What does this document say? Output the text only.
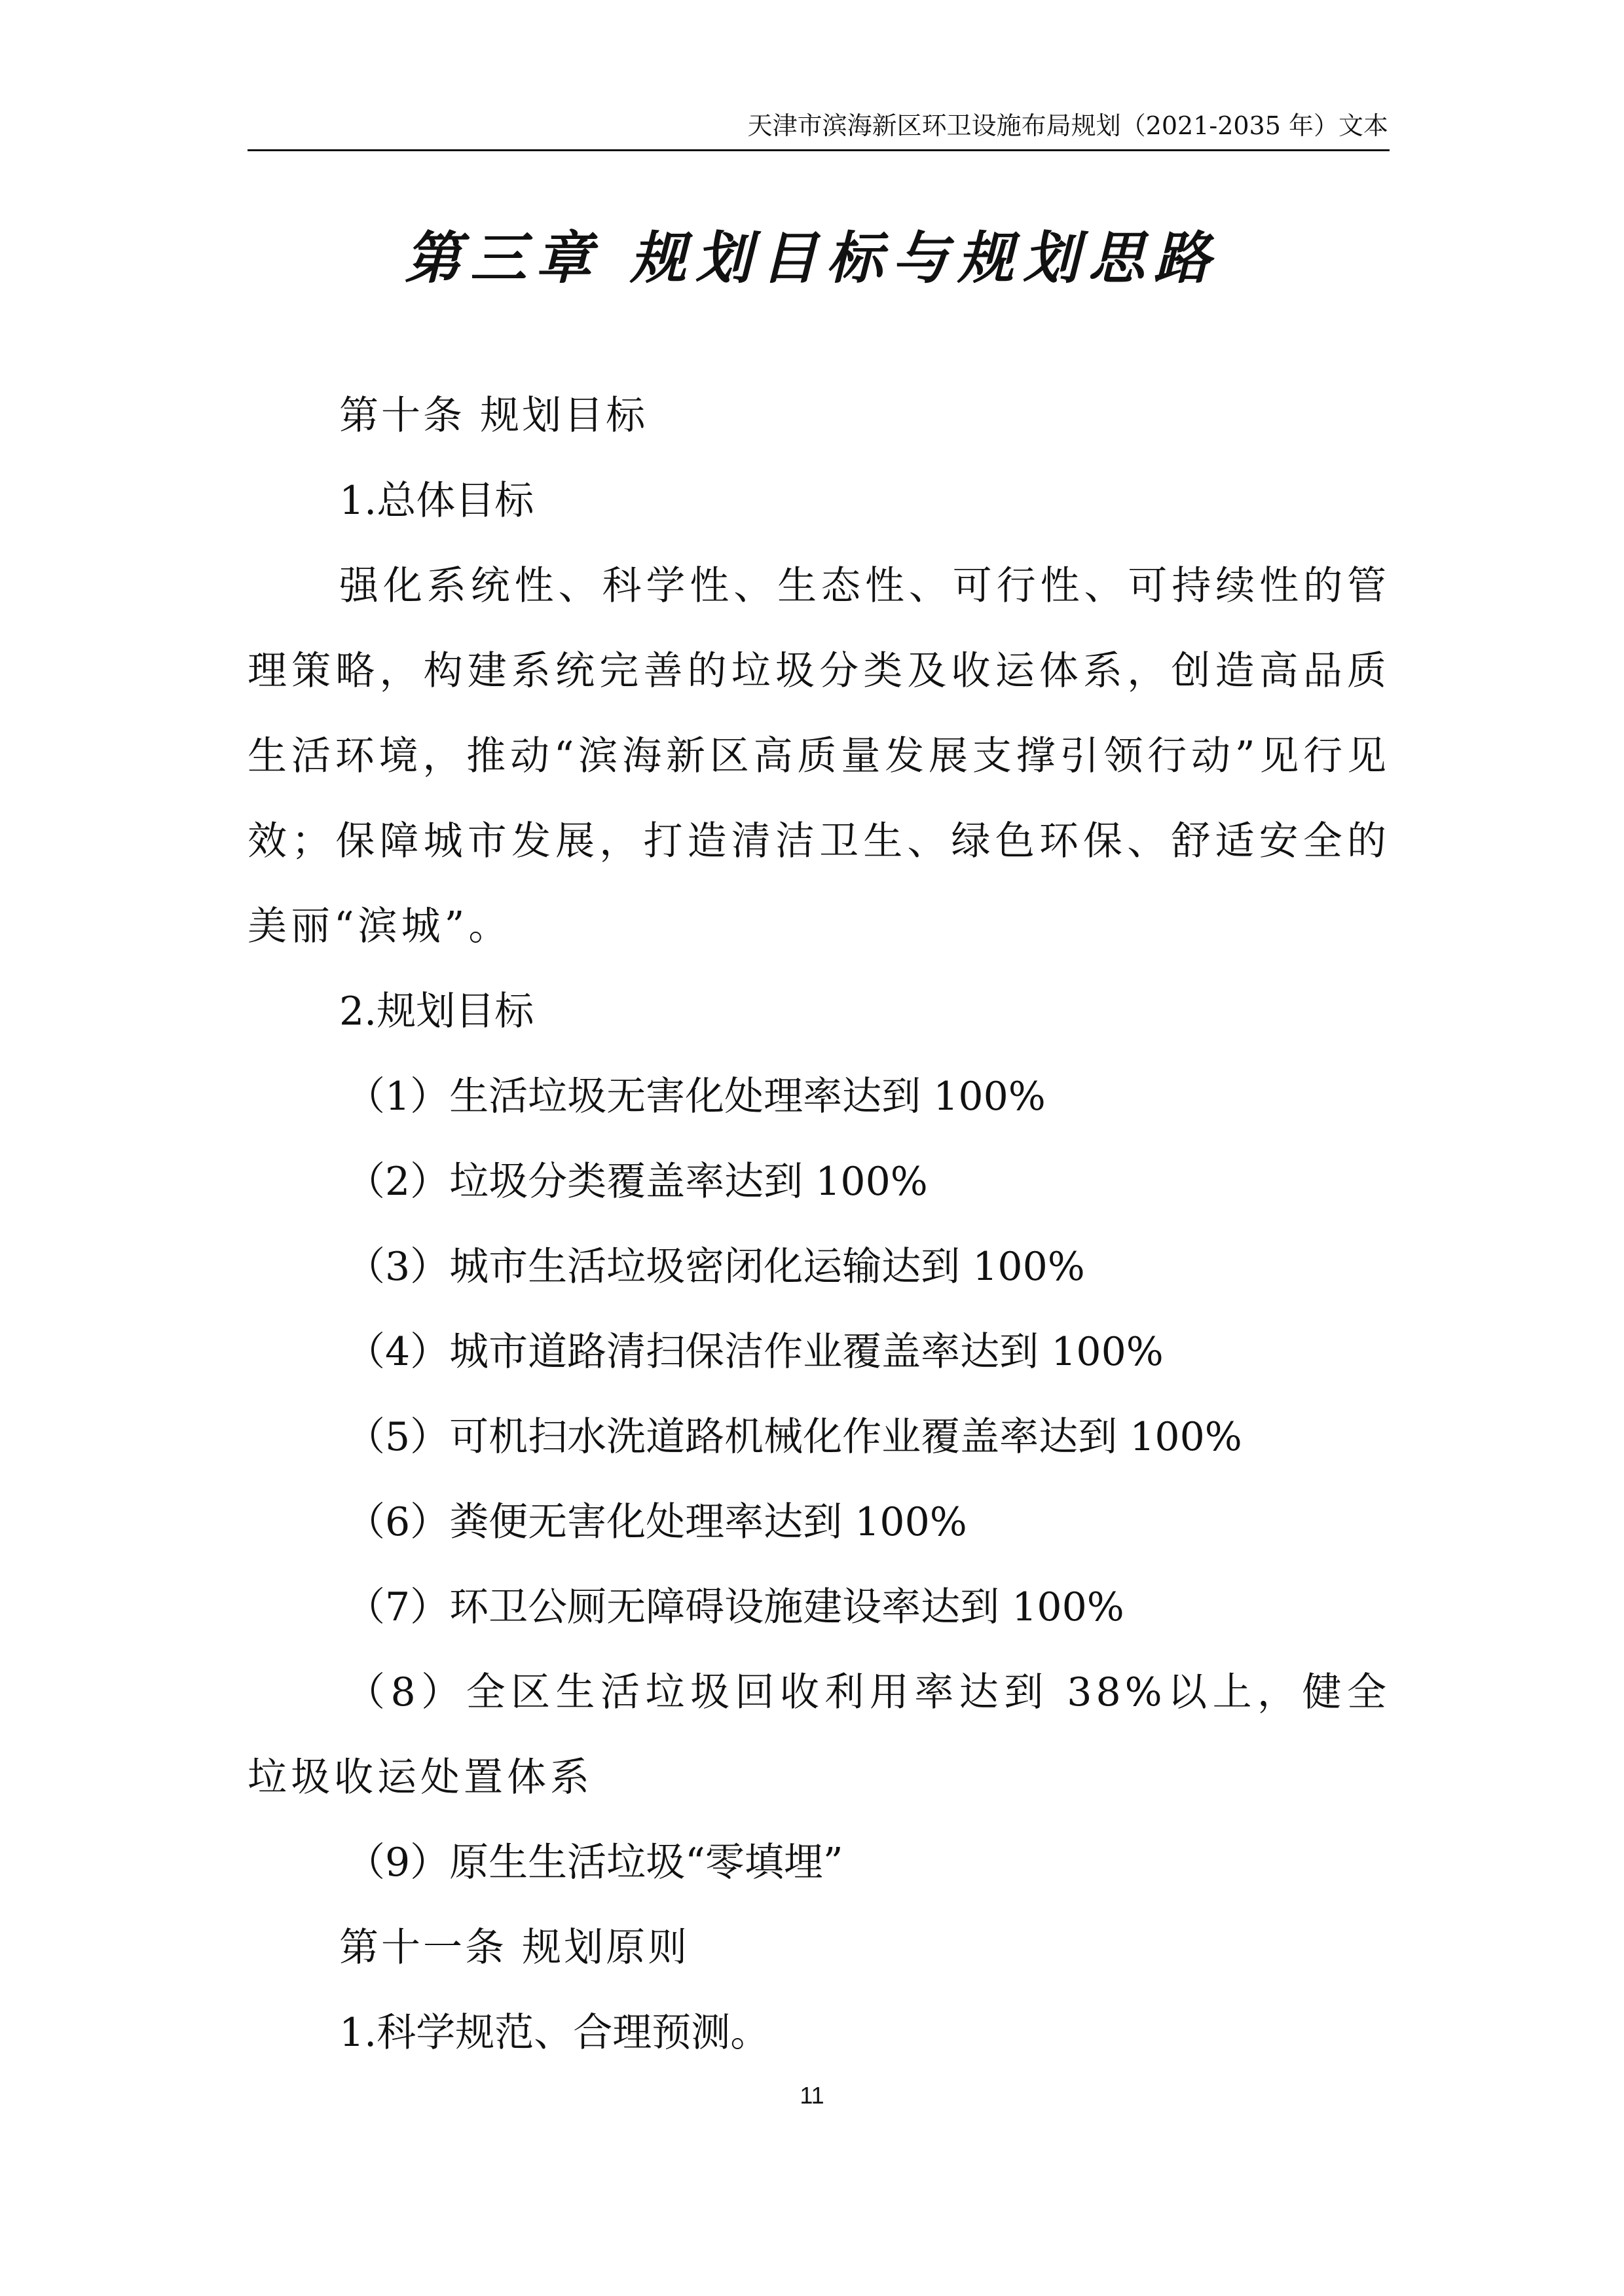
天津市滨海新区环卫设施布局规划（2021-2035 年）文本
第三章 规划目标与规划思路

第十条 规划目标

1.总体目标

强化系统性、科学性、生态性、可行性、可持续性的管理策略，构建系统完善的垃圾分类及收运体系，创造高品质生活环境，推动“滨海新区高质量发展支撑引领行动”见行见效；保障城市发展，打造清洁卫生、绿色环保、舒适安全的美丽“滨城”。

2.规划目标

（1）生活垃圾无害化处理率达到 100%

（2）垃圾分类覆盖率达到 100%

（3）城市生活垃圾密闭化运输达到 100%

（4）城市道路清扫保洁作业覆盖率达到 100%

（5）可机扫水洗道路机械化作业覆盖率达到 100%

（6）粪便无害化处理率达到 100%

（7）环卫公厕无障碍设施建设率达到 100%

（8）全区生活垃圾回收利用率达到 38%以上，健全垃圾收运处置体系

（9）原生生活垃圾“零填埋”

第十一条 规划原则

1.科学规范、合理预测。

11
